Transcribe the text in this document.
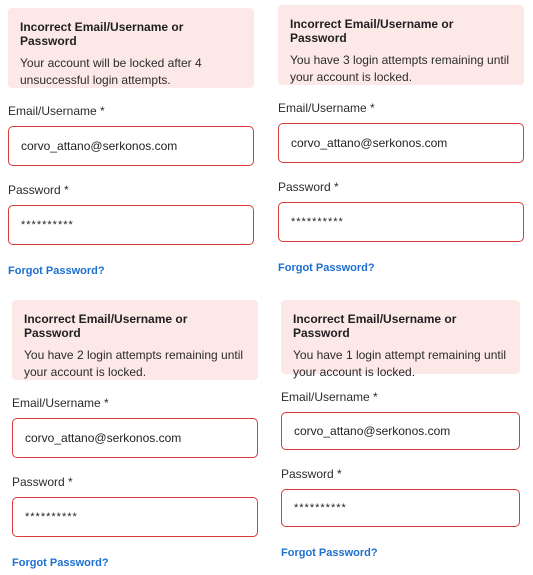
Incorrect Email/Username or Password
Your account will be locked after 4 unsuccessful login attempts.
Email/Username *
corvo_attano@serkonos.com
Password *
**********
Forgot Password?
Incorrect Email/Username or Password
You have 3 login attempts remaining until your account is locked.
Email/Username *
corvo_attano@serkonos.com
Password *
**********
Forgot Password?
Incorrect Email/Username or Password
You have 2 login attempts remaining until your account is locked.
Email/Username *
corvo_attano@serkonos.com
Password *
**********
Forgot Password?
Incorrect Email/Username or Password
You have 1 login attempt remaining until your account is locked.
Email/Username *
corvo_attano@serkonos.com
Password *
**********
Forgot Password?
